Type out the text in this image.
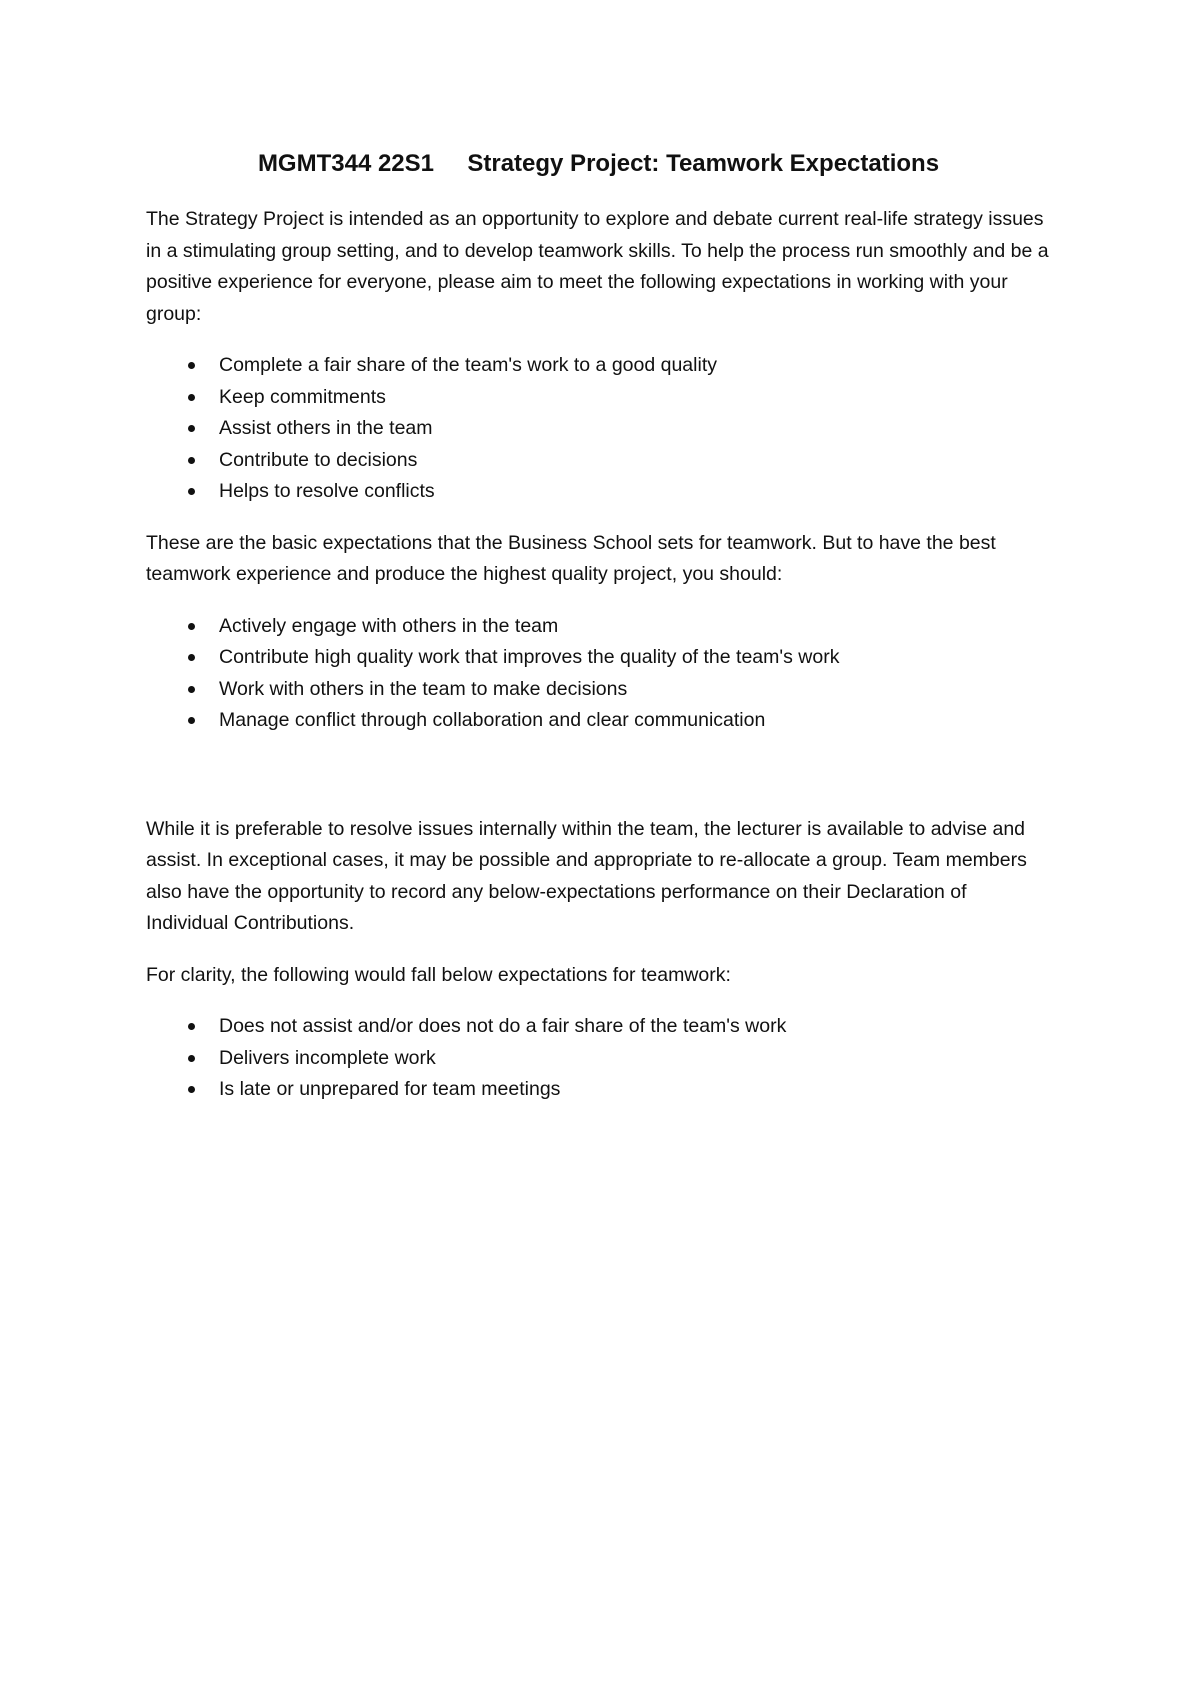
MGMT344 22S1     Strategy Project: Teamwork Expectations

The Strategy Project is intended as an opportunity to explore and debate current real-life strategy issues in a stimulating group setting, and to develop teamwork skills. To help the process run smoothly and be a positive experience for everyone, please aim to meet the following expectations in working with your group:

Complete a fair share of the team's work to a good quality
Keep commitments
Assist others in the team
Contribute to decisions
Helps to resolve conflicts

These are the basic expectations that the Business School sets for teamwork. But to have the best teamwork experience and produce the highest quality project, you should:

Actively engage with others in the team
Contribute high quality work that improves the quality of the team's work
Work with others in the team to make decisions
Manage conflict through collaboration and clear communication

While it is preferable to resolve issues internally within the team, the lecturer is available to advise and assist. In exceptional cases, it may be possible and appropriate to re-allocate a group. Team members also have the opportunity to record any below-expectations performance on their Declaration of Individual Contributions.

For clarity, the following would fall below expectations for teamwork:

Does not assist and/or does not do a fair share of the team's work
Delivers incomplete work
Is late or unprepared for team meetings
